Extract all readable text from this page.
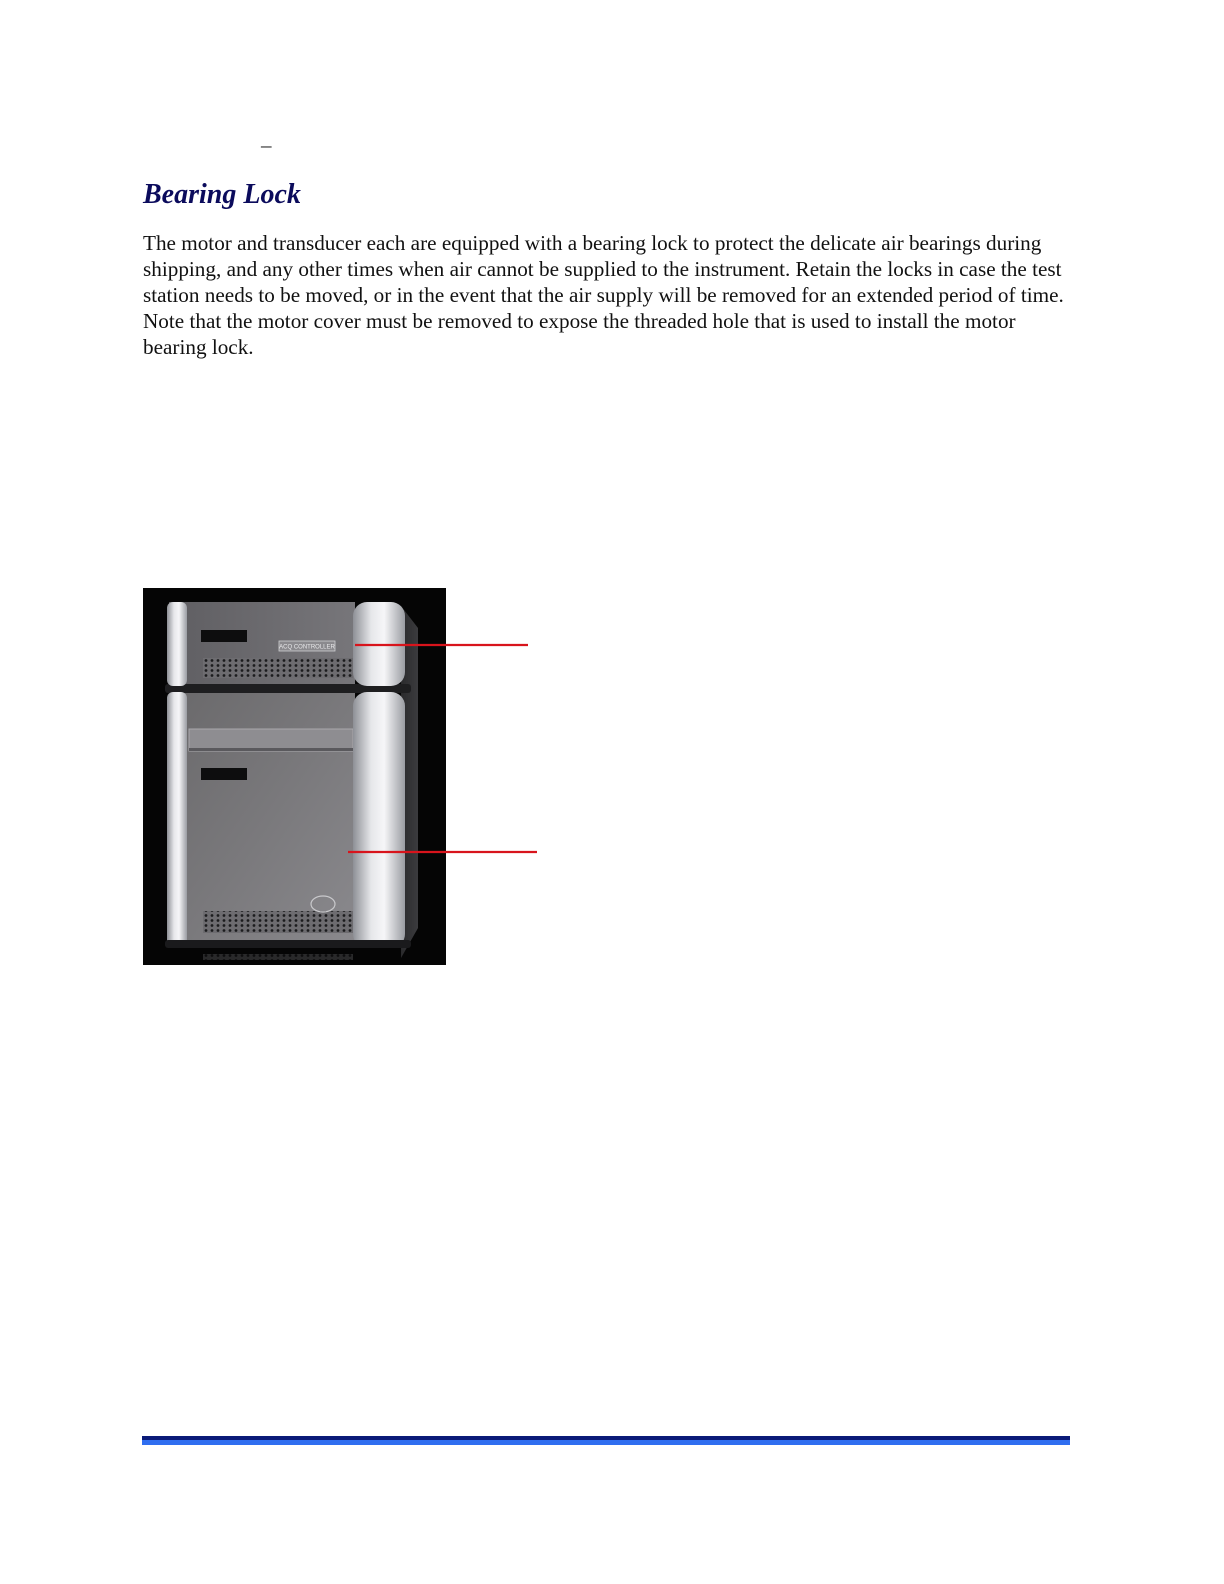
–
Bearing Lock

The motor and transducer each are equipped with a bearing lock to protect the delicate air bearings during shipping, and any other times when air cannot be supplied to the instrument. Retain the locks in case the test station needs to be moved, or in the event that the air supply will be removed for an extended period of time. Note that the motor cover must be removed to expose the threaded hole that is used to install the motor bearing lock.

ACQ CONTROLLER
